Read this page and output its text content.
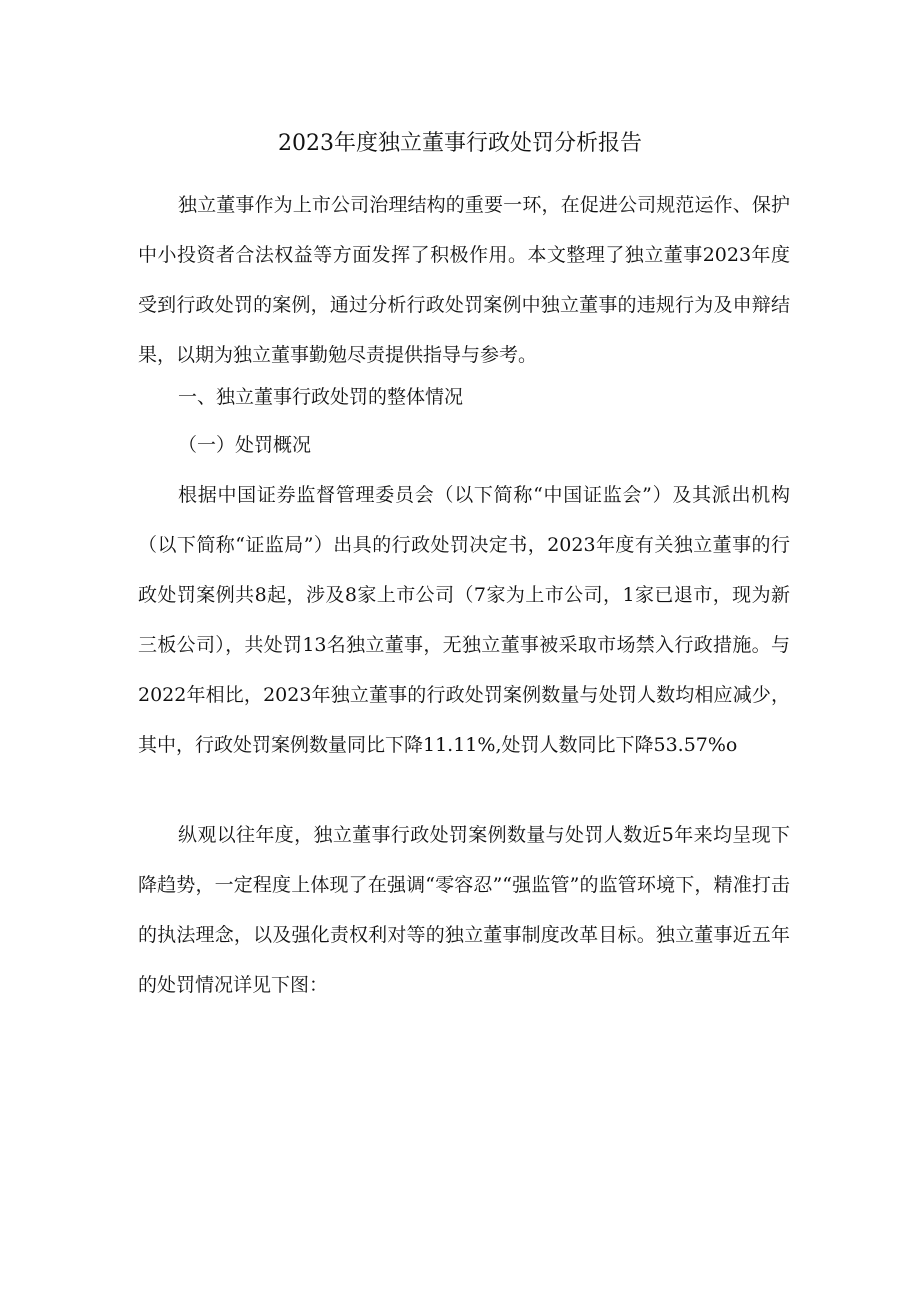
2023年度独立董事行政处罚分析报告

独立董事作为上市公司治理结构的重要一环，在促进公司规范运作、保护中小投资者合法权益等方面发挥了积极作用。本文整理了独立董事2023年度受到行政处罚的案例，通过分析行政处罚案例中独立董事的违规行为及申辩结果，以期为独立董事勤勉尽责提供指导与参考。

一、独立董事行政处罚的整体情况

（一）处罚概况

根据中国证券监督管理委员会（以下简称“中国证监会”）及其派出机构（以下简称“证监局”）出具的行政处罚决定书，2023年度有关独立董事的行政处罚案例共8起，涉及8家上市公司（7家为上市公司，1家已退市，现为新三板公司），共处罚13名独立董事，无独立董事被采取市场禁入行政措施。与2022年相比，2023年独立董事的行政处罚案例数量与处罚人数均相应减少，其中，行政处罚案例数量同比下降11.11%,处罚人数同比下降53.57%o

纵观以往年度，独立董事行政处罚案例数量与处罚人数近5年来均呈现下降趋势，一定程度上体现了在强调“零容忍”“强监管”的监管环境下，精准打击的执法理念，以及强化责权利对等的独立董事制度改革目标。独立董事近五年的处罚情况详见下图：
